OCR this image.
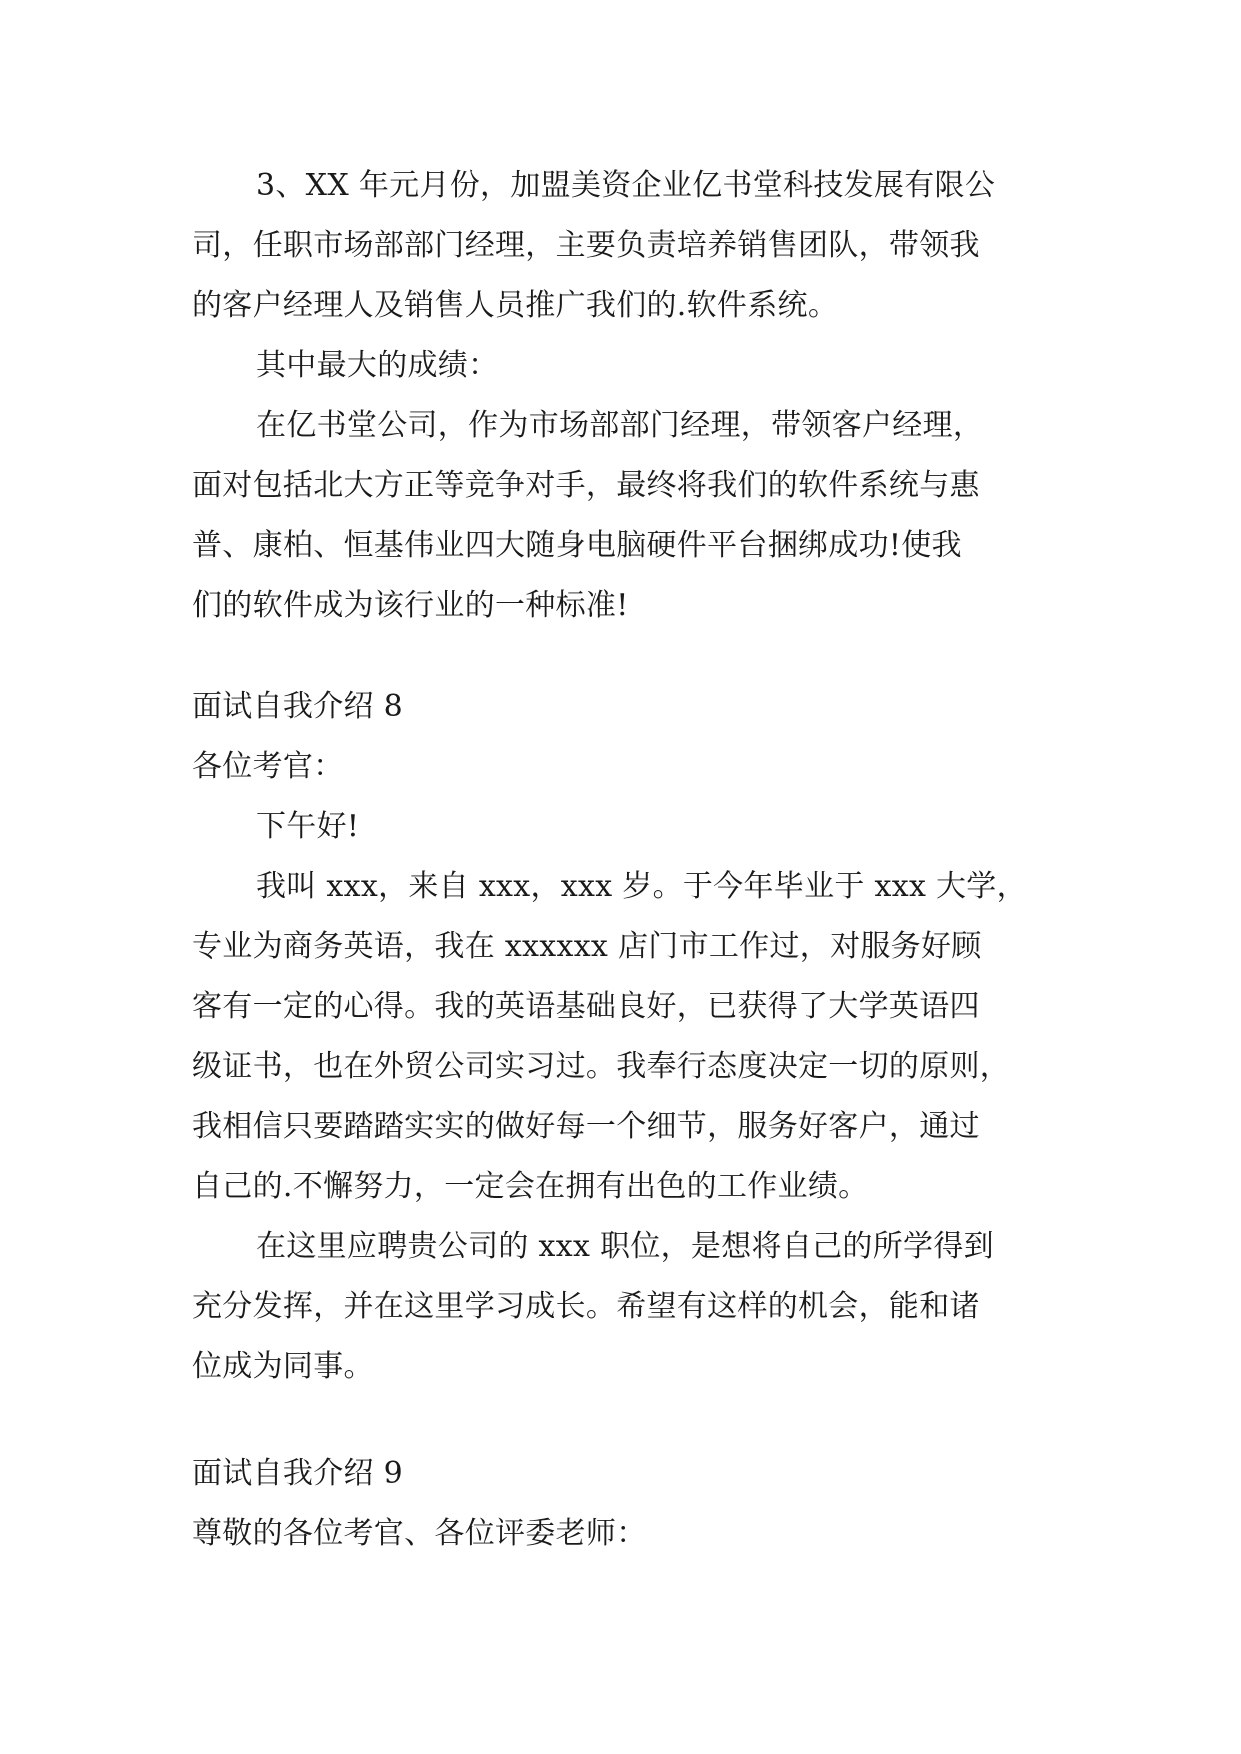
3、XX 年元月份，加盟美资企业亿书堂科技发展有限公
司，任职市场部部门经理，主要负责培养销售团队，带领我
的客户经理人及销售人员推广我们的.软件系统。
其中最大的成绩：
在亿书堂公司，作为市场部部门经理，带领客户经理，
面对包括北大方正等竞争对手，最终将我们的软件系统与惠
普、康柏、恒基伟业四大随身电脑硬件平台捆绑成功!使我
们的软件成为该行业的一种标准!
面试自我介绍 8
各位考官：
下午好!
我叫 xxx，来自 xxx，xxx 岁。于今年毕业于 xxx 大学，
专业为商务英语，我在 xxxxxx 店门市工作过，对服务好顾
客有一定的心得。我的英语基础良好，已获得了大学英语四
级证书，也在外贸公司实习过。我奉行态度决定一切的原则，
我相信只要踏踏实实的做好每一个细节，服务好客户，通过
自己的.不懈努力，一定会在拥有出色的工作业绩。
在这里应聘贵公司的 xxx 职位，是想将自己的所学得到
充分发挥，并在这里学习成长。希望有这样的机会，能和诸
位成为同事。
面试自我介绍 9
尊敬的各位考官、各位评委老师：
